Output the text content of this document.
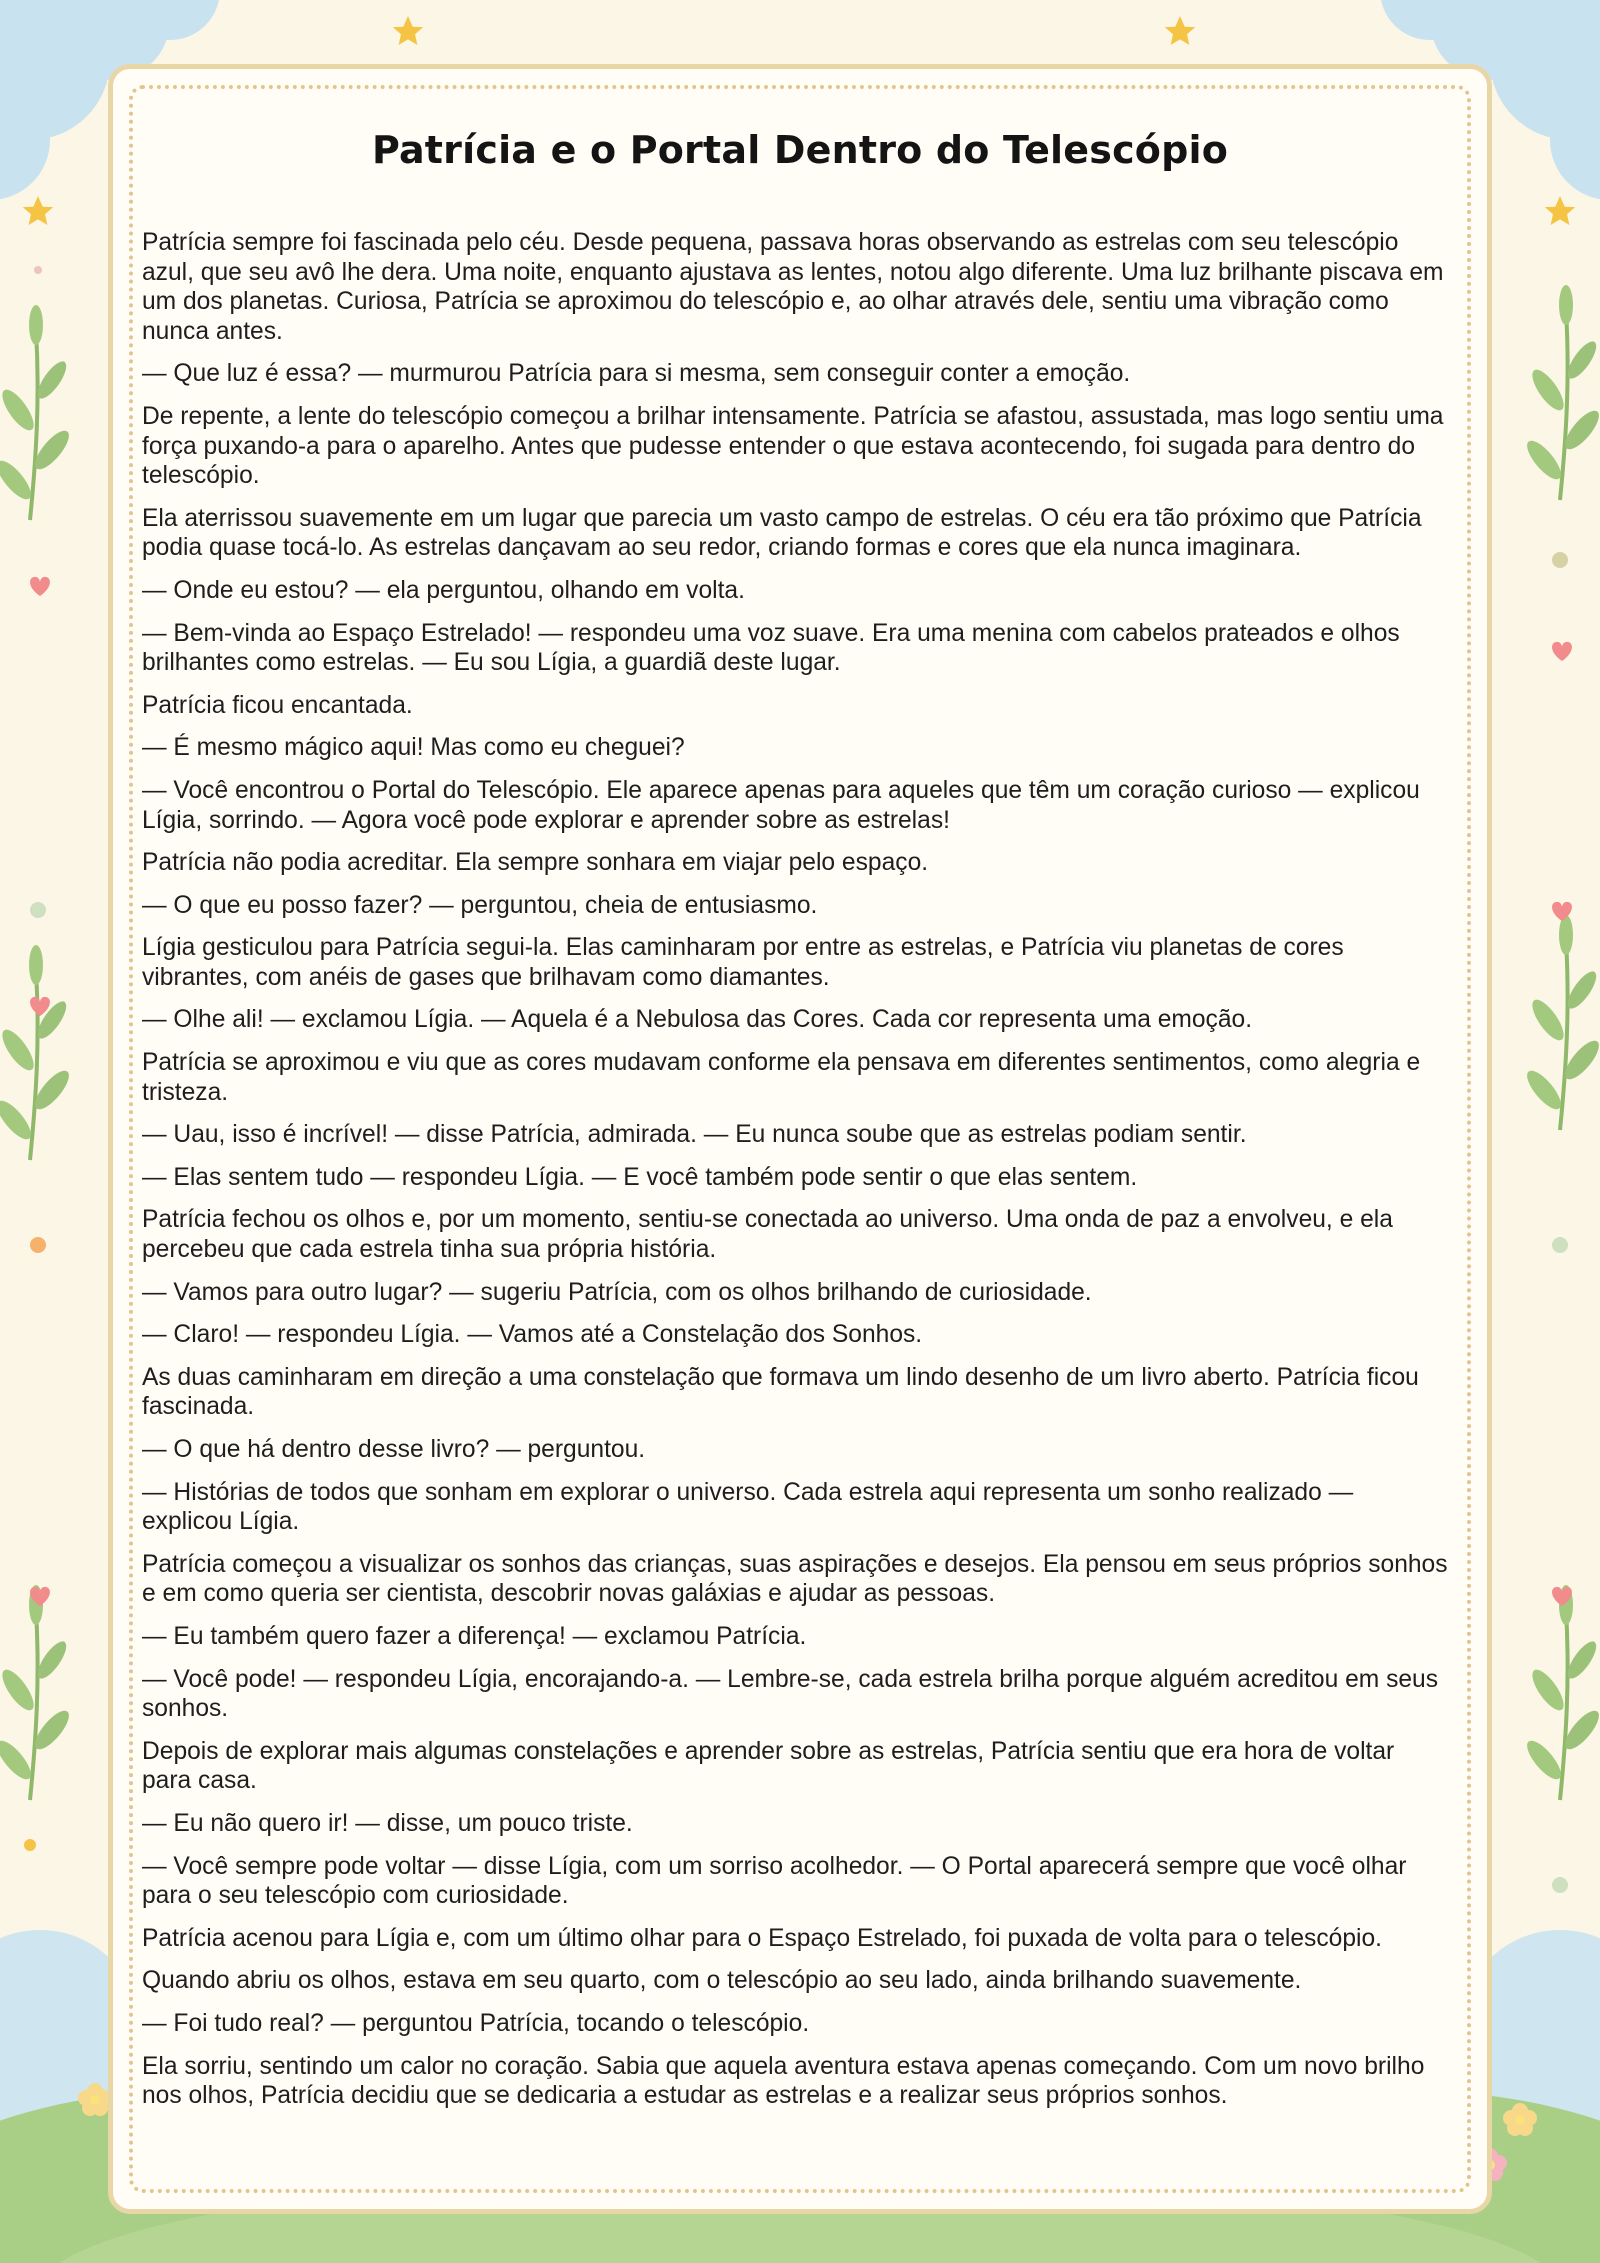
Patrícia e o Portal Dentro do Telescópio

Patrícia sempre foi fascinada pelo céu. Desde pequena, passava horas observando as estrelas com seu telescópio azul, que seu avô lhe dera. Uma noite, enquanto ajustava as lentes, notou algo diferente. Uma luz brilhante piscava em um dos planetas. Curiosa, Patrícia se aproximou do telescópio e, ao olhar através dele, sentiu uma vibração como nunca antes.

— Que luz é essa? — murmurou Patrícia para si mesma, sem conseguir conter a emoção.

De repente, a lente do telescópio começou a brilhar intensamente. Patrícia se afastou, assustada, mas logo sentiu uma força puxando-a para o aparelho. Antes que pudesse entender o que estava acontecendo, foi sugada para dentro do telescópio.

Ela aterrissou suavemente em um lugar que parecia um vasto campo de estrelas. O céu era tão próximo que Patrícia podia quase tocá-lo. As estrelas dançavam ao seu redor, criando formas e cores que ela nunca imaginara.

— Onde eu estou? — ela perguntou, olhando em volta.

— Bem-vinda ao Espaço Estrelado! — respondeu uma voz suave. Era uma menina com cabelos prateados e olhos brilhantes como estrelas. — Eu sou Lígia, a guardiã deste lugar.

Patrícia ficou encantada.

— É mesmo mágico aqui! Mas como eu cheguei?

— Você encontrou o Portal do Telescópio. Ele aparece apenas para aqueles que têm um coração curioso — explicou Lígia, sorrindo. — Agora você pode explorar e aprender sobre as estrelas!

Patrícia não podia acreditar. Ela sempre sonhara em viajar pelo espaço.

— O que eu posso fazer? — perguntou, cheia de entusiasmo.

Lígia gesticulou para Patrícia segui-la. Elas caminharam por entre as estrelas, e Patrícia viu planetas de cores vibrantes, com anéis de gases que brilhavam como diamantes.

— Olhe ali! — exclamou Lígia. — Aquela é a Nebulosa das Cores. Cada cor representa uma emoção.

Patrícia se aproximou e viu que as cores mudavam conforme ela pensava em diferentes sentimentos, como alegria e tristeza.

— Uau, isso é incrível! — disse Patrícia, admirada. — Eu nunca soube que as estrelas podiam sentir.

— Elas sentem tudo — respondeu Lígia. — E você também pode sentir o que elas sentem.

Patrícia fechou os olhos e, por um momento, sentiu-se conectada ao universo. Uma onda de paz a envolveu, e ela percebeu que cada estrela tinha sua própria história.

— Vamos para outro lugar? — sugeriu Patrícia, com os olhos brilhando de curiosidade.

— Claro! — respondeu Lígia. — Vamos até a Constelação dos Sonhos.

As duas caminharam em direção a uma constelação que formava um lindo desenho de um livro aberto. Patrícia ficou fascinada.

— O que há dentro desse livro? — perguntou.

— Histórias de todos que sonham em explorar o universo. Cada estrela aqui representa um sonho realizado — explicou Lígia.

Patrícia começou a visualizar os sonhos das crianças, suas aspirações e desejos. Ela pensou em seus próprios sonhos e em como queria ser cientista, descobrir novas galáxias e ajudar as pessoas.

— Eu também quero fazer a diferença! — exclamou Patrícia.

— Você pode! — respondeu Lígia, encorajando-a. — Lembre-se, cada estrela brilha porque alguém acreditou em seus sonhos.

Depois de explorar mais algumas constelações e aprender sobre as estrelas, Patrícia sentiu que era hora de voltar para casa.

— Eu não quero ir! — disse, um pouco triste.

— Você sempre pode voltar — disse Lígia, com um sorriso acolhedor. — O Portal aparecerá sempre que você olhar para o seu telescópio com curiosidade.

Patrícia acenou para Lígia e, com um último olhar para o Espaço Estrelado, foi puxada de volta para o telescópio.

Quando abriu os olhos, estava em seu quarto, com o telescópio ao seu lado, ainda brilhando suavemente.

— Foi tudo real? — perguntou Patrícia, tocando o telescópio.

Ela sorriu, sentindo um calor no coração. Sabia que aquela aventura estava apenas começando. Com um novo brilho nos olhos, Patrícia decidiu que se dedicaria a estudar as estrelas e a realizar seus próprios sonhos.
